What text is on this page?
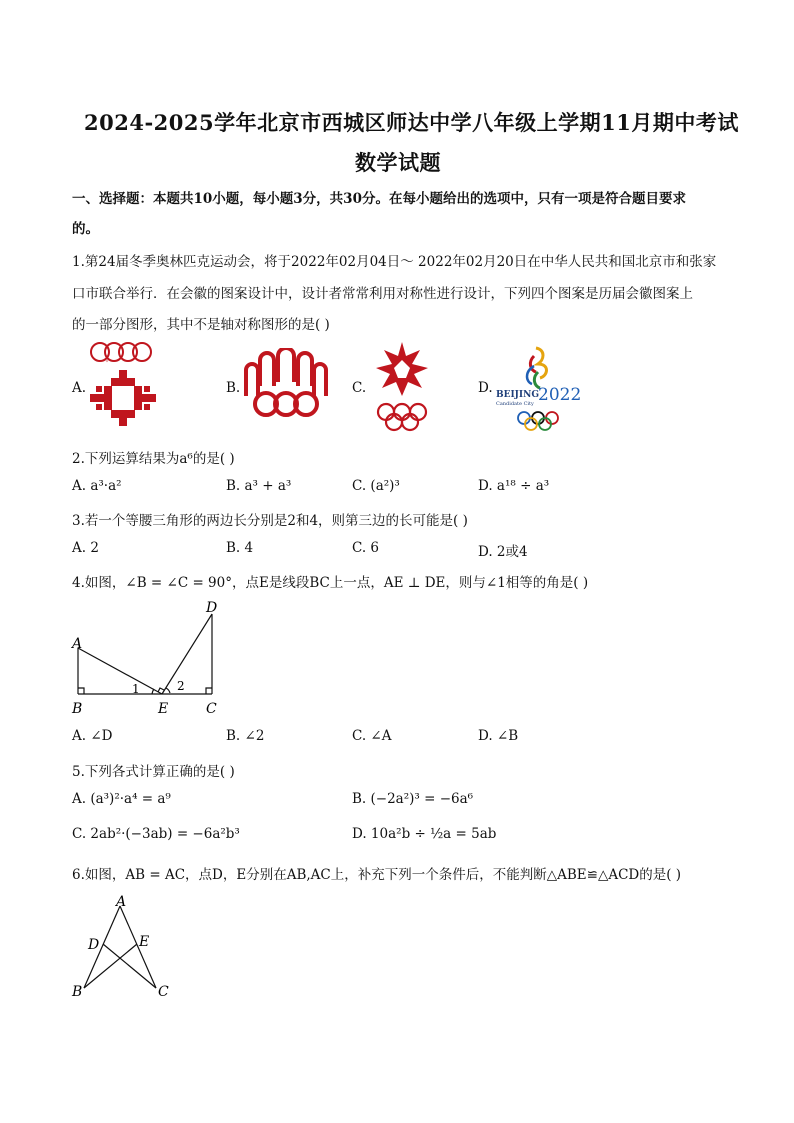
2024-2025学年北京市西城区师达中学八年级上学期11月期中考试
数学试题
一、选择题：本题共10小题，每小题3分，共30分。在每小题给出的选项中，只有一项是符合题目要求
的。
1.第24届冬季奥林匹克运动会，将于2022年02月04日～ 2022年02月20日在中华人民共和国北京市和张家
口市联合举行．在会徽的图案设计中，设计者常常利用对称性进行设计，下列四个图案是历届会徽图案上
的一部分图形，其中不是轴对称图形的是( )
A.	B.	C.	D. BEIJING
Candidate City 2022
2.下列运算结果为a⁶的是( )
A. a³·a²	B. a³ + a³	C. (a²)³	D. a¹⁸ ÷ a³
3.若一个等腰三角形的两边长分别是2和4，则第三边的长可能是( )
A. 2	B. 4	C. 6	D. 2或4
4.如图，∠B = ∠C = 90°，点E是线段BC上一点，AE ⊥ DE，则与∠1相等的角是( )
A
B	E	C
D
1	2
A. ∠D	B. ∠2	C. ∠A	D. ∠B
5.下列各式计算正确的是( )
A. (a³)²·a⁴ = a⁹	B. (−2a²)³ = −6a⁶
C. 2ab²·(−3ab) = −6a²b³	D. 10a²b ÷ ½a = 5ab
6.如图，AB = AC，点D，E分别在AB,AC上，补充下列一个条件后，不能判断△ABE≌△ACD的是( )
A
B	C
D	E
